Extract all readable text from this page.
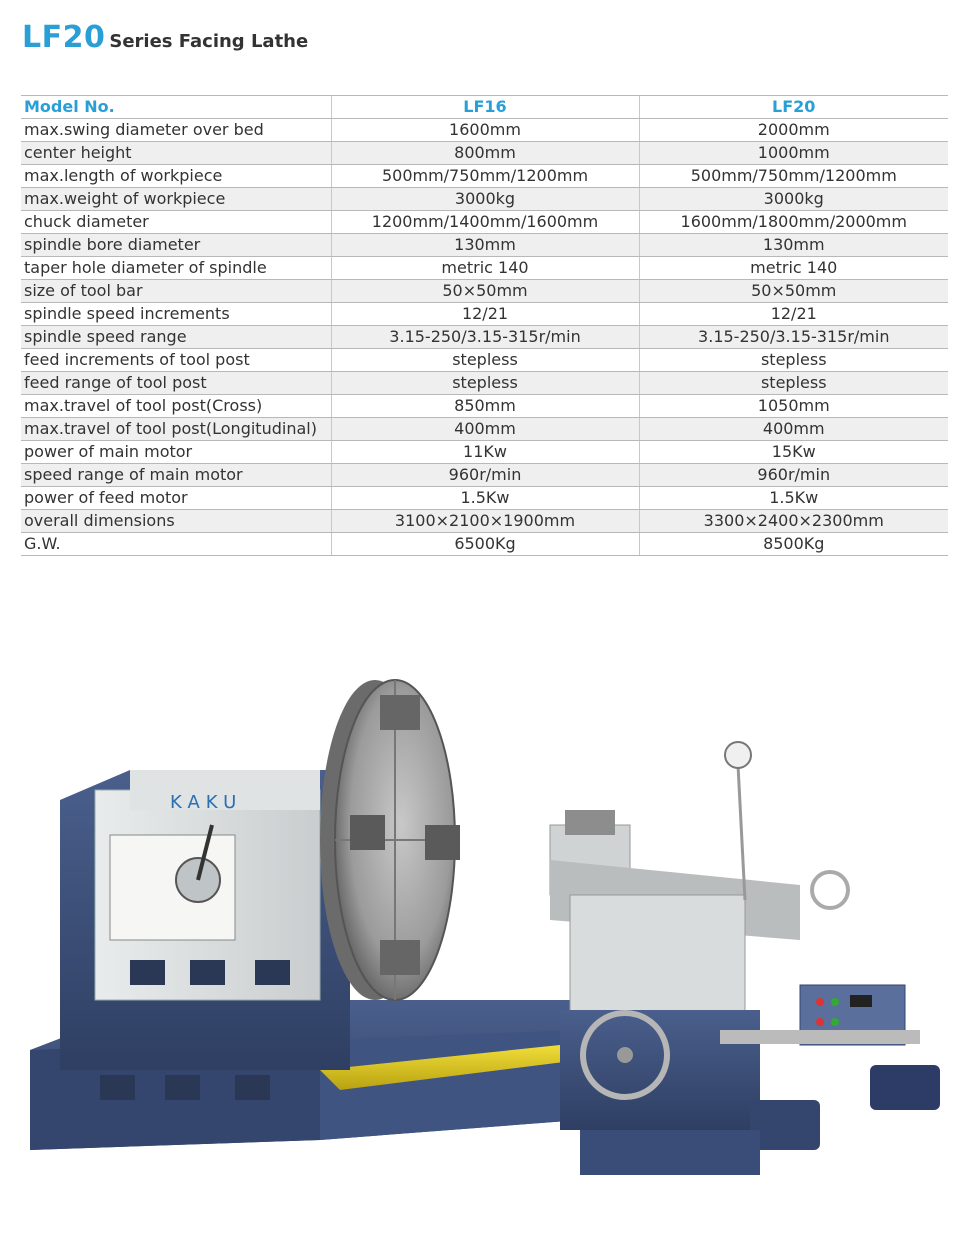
LF20 Series Facing Lathe
Model No.	LF16	LF20
max.swing diameter over bed	1600mm	2000mm
center height	800mm	1000mm
max.length of workpiece	500mm/750mm/1200mm	500mm/750mm/1200mm
max.weight of workpiece	3000kg	3000kg
chuck diameter	1200mm/1400mm/1600mm	1600mm/1800mm/2000mm
spindle bore diameter	130mm	130mm
taper hole diameter of spindle	metric 140	metric 140
size of tool bar	50×50mm	50×50mm
spindle speed increments	12/21	12/21
spindle speed range	3.15-250/3.15-315r/min	3.15-250/3.15-315r/min
feed increments of tool post	stepless	stepless
feed range of tool post	stepless	stepless
max.travel of tool post(Cross)	850mm	1050mm
max.travel of tool post(Longitudinal)	400mm	400mm
power of main motor	11Kw	15Kw
speed range of main motor	960r/min	960r/min
power of feed motor	1.5Kw	1.5Kw
overall dimensions	3100×2100×1900mm	3300×2400×2300mm
G.W.	6500Kg	8500Kg
KAKU
